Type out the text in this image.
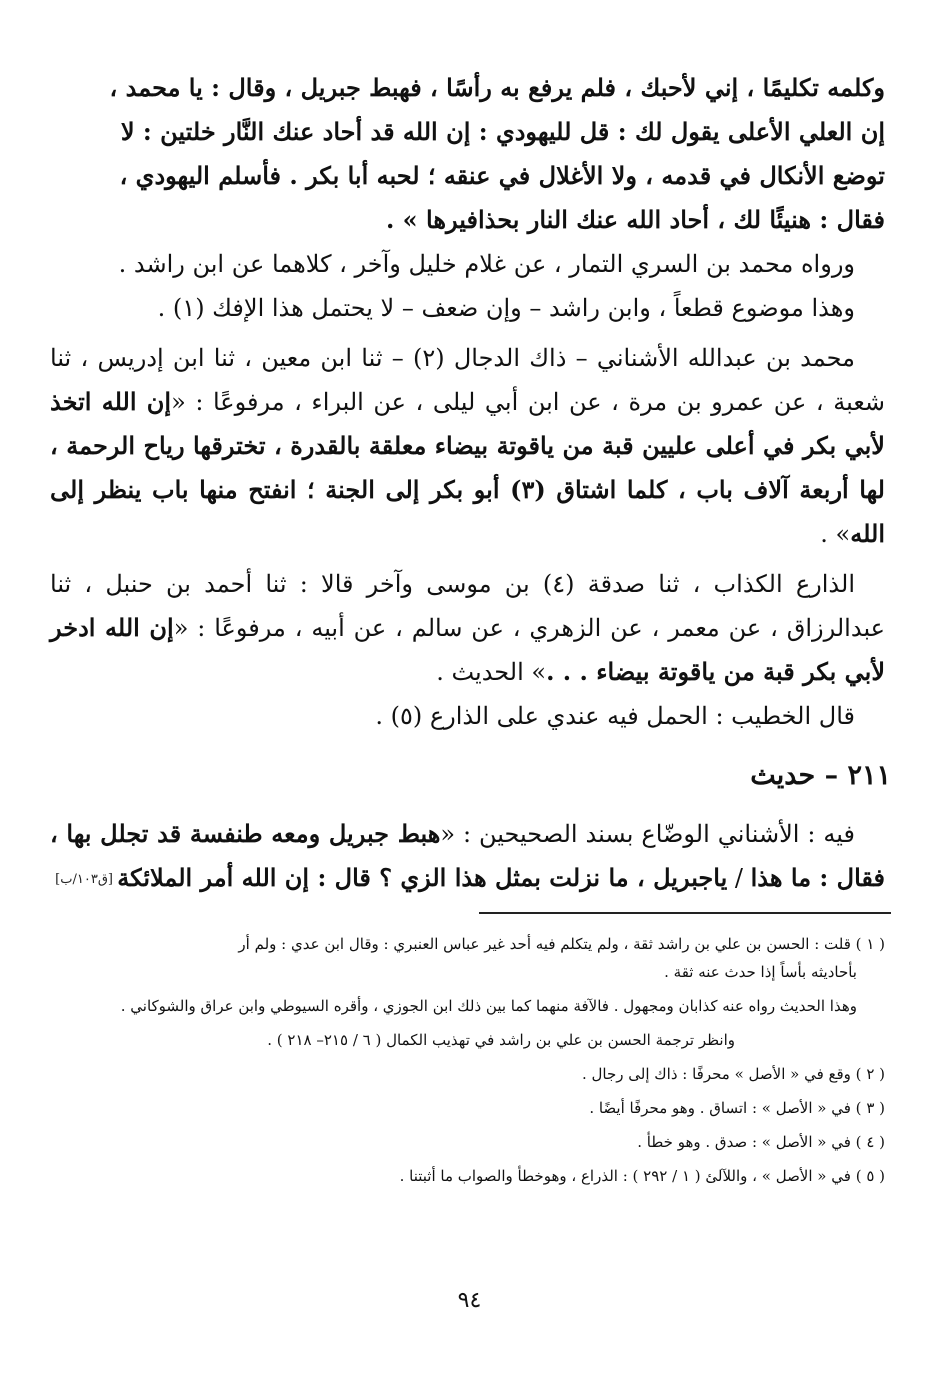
وكلمه تكليمًا ، إني لأحبك ، فلم يرفع به رأسًا ، فهبط جبريل ، وقال : يا محمد ،

إن العلي الأعلى يقول لك : قل لليهودي : إن الله قد أحاد عنك النَّار خلتين : لا

توضع الأنكال في قدمه ، ولا الأغلال في عنقه ؛ لحبه أبا بكر . فأسلم اليهودي ،

فقال : هنيئًا لك ، أحاد الله عنك النار بحذافيرها » .

ورواه محمد بن السري التمار ، عن غلام خليل وآخر ، كلاهما عن ابن راشد .

وهذا موضوع قطعاً ، وابن راشد – وإن ضعف – لا يحتمل هذا الإفك (١) .

محمد بن عبدالله الأشناني – ذاك الدجال (٢) – ثنا ابن معين ، ثنا ابن إدريس ، ثنا شعبة ، عن عمرو بن مرة ، عن ابن أبي ليلى ، عن البراء ، مرفوعًا : «إن الله اتخذ لأبي بكر في أعلى عليين قبة من ياقوتة بيضاء معلقة بالقدرة ، تخترقها رياح الرحمة ، لها أربعة آلاف باب ، كلما اشتاق (٣) أبو بكر إلى الجنة ؛ انفتح منها باب ينظر إلى الله» .

الذارع الكذاب ، ثنا صدقة (٤) بن موسى وآخر قالا : ثنا أحمد بن حنبل ، ثنا عبدالرزاق ، عن معمر ، عن الزهري ، عن سالم ، عن أبيه ، مرفوعًا : «إن الله ادخر لأبي بكر قبة من ياقوتة بيضاء . . .» الحديث .

قال الخطيب : الحمل فيه عندي على الذارع (٥) .

٢١١ – حديث

فيه : الأشناني الوضّاع بسند الصحيحين : «هبط جبريل ومعه طنفسة قد تجلل بها ، فقال : ما هذا / ياجبريل ، ما نزلت بمثل هذا الزي ؟ قال : إن الله أمر الملائكة

[ق١٠٣/ب]

( ١ ) قلت : الحسن بن علي بن راشد ثقة ، ولم يتكلم فيه أحد غير عباس العنبري : وقال ابن عدي : ولم أر
بأحاديثه بأساً إذا حدث عنه ثقة .

وهذا الحديث رواه عنه كذابان ومجهول . فالآفة منهما كما بين ذلك ابن الجوزي ، وأقره السيوطي وابن عراق والشوكاني .

وانظر ترجمة الحسن بن علي بن راشد في تهذيب الكمال ( ٦ / ٢١٥– ٢١٨ ) .

( ٢ ) وقع في « الأصل » محرفًا : ذاك إلى رجال .

( ٣ ) في « الأصل » : اتساق . وهو محرفًا أيضًا .

( ٤ ) في « الأصل » : صدق . وهو خطأ .

( ٥ ) في « الأصل » ، واللآلئ ( ١ / ٢٩٢ ) : الذراع ، وهوخطأ والصواب ما أثبتنا .

٩٤
